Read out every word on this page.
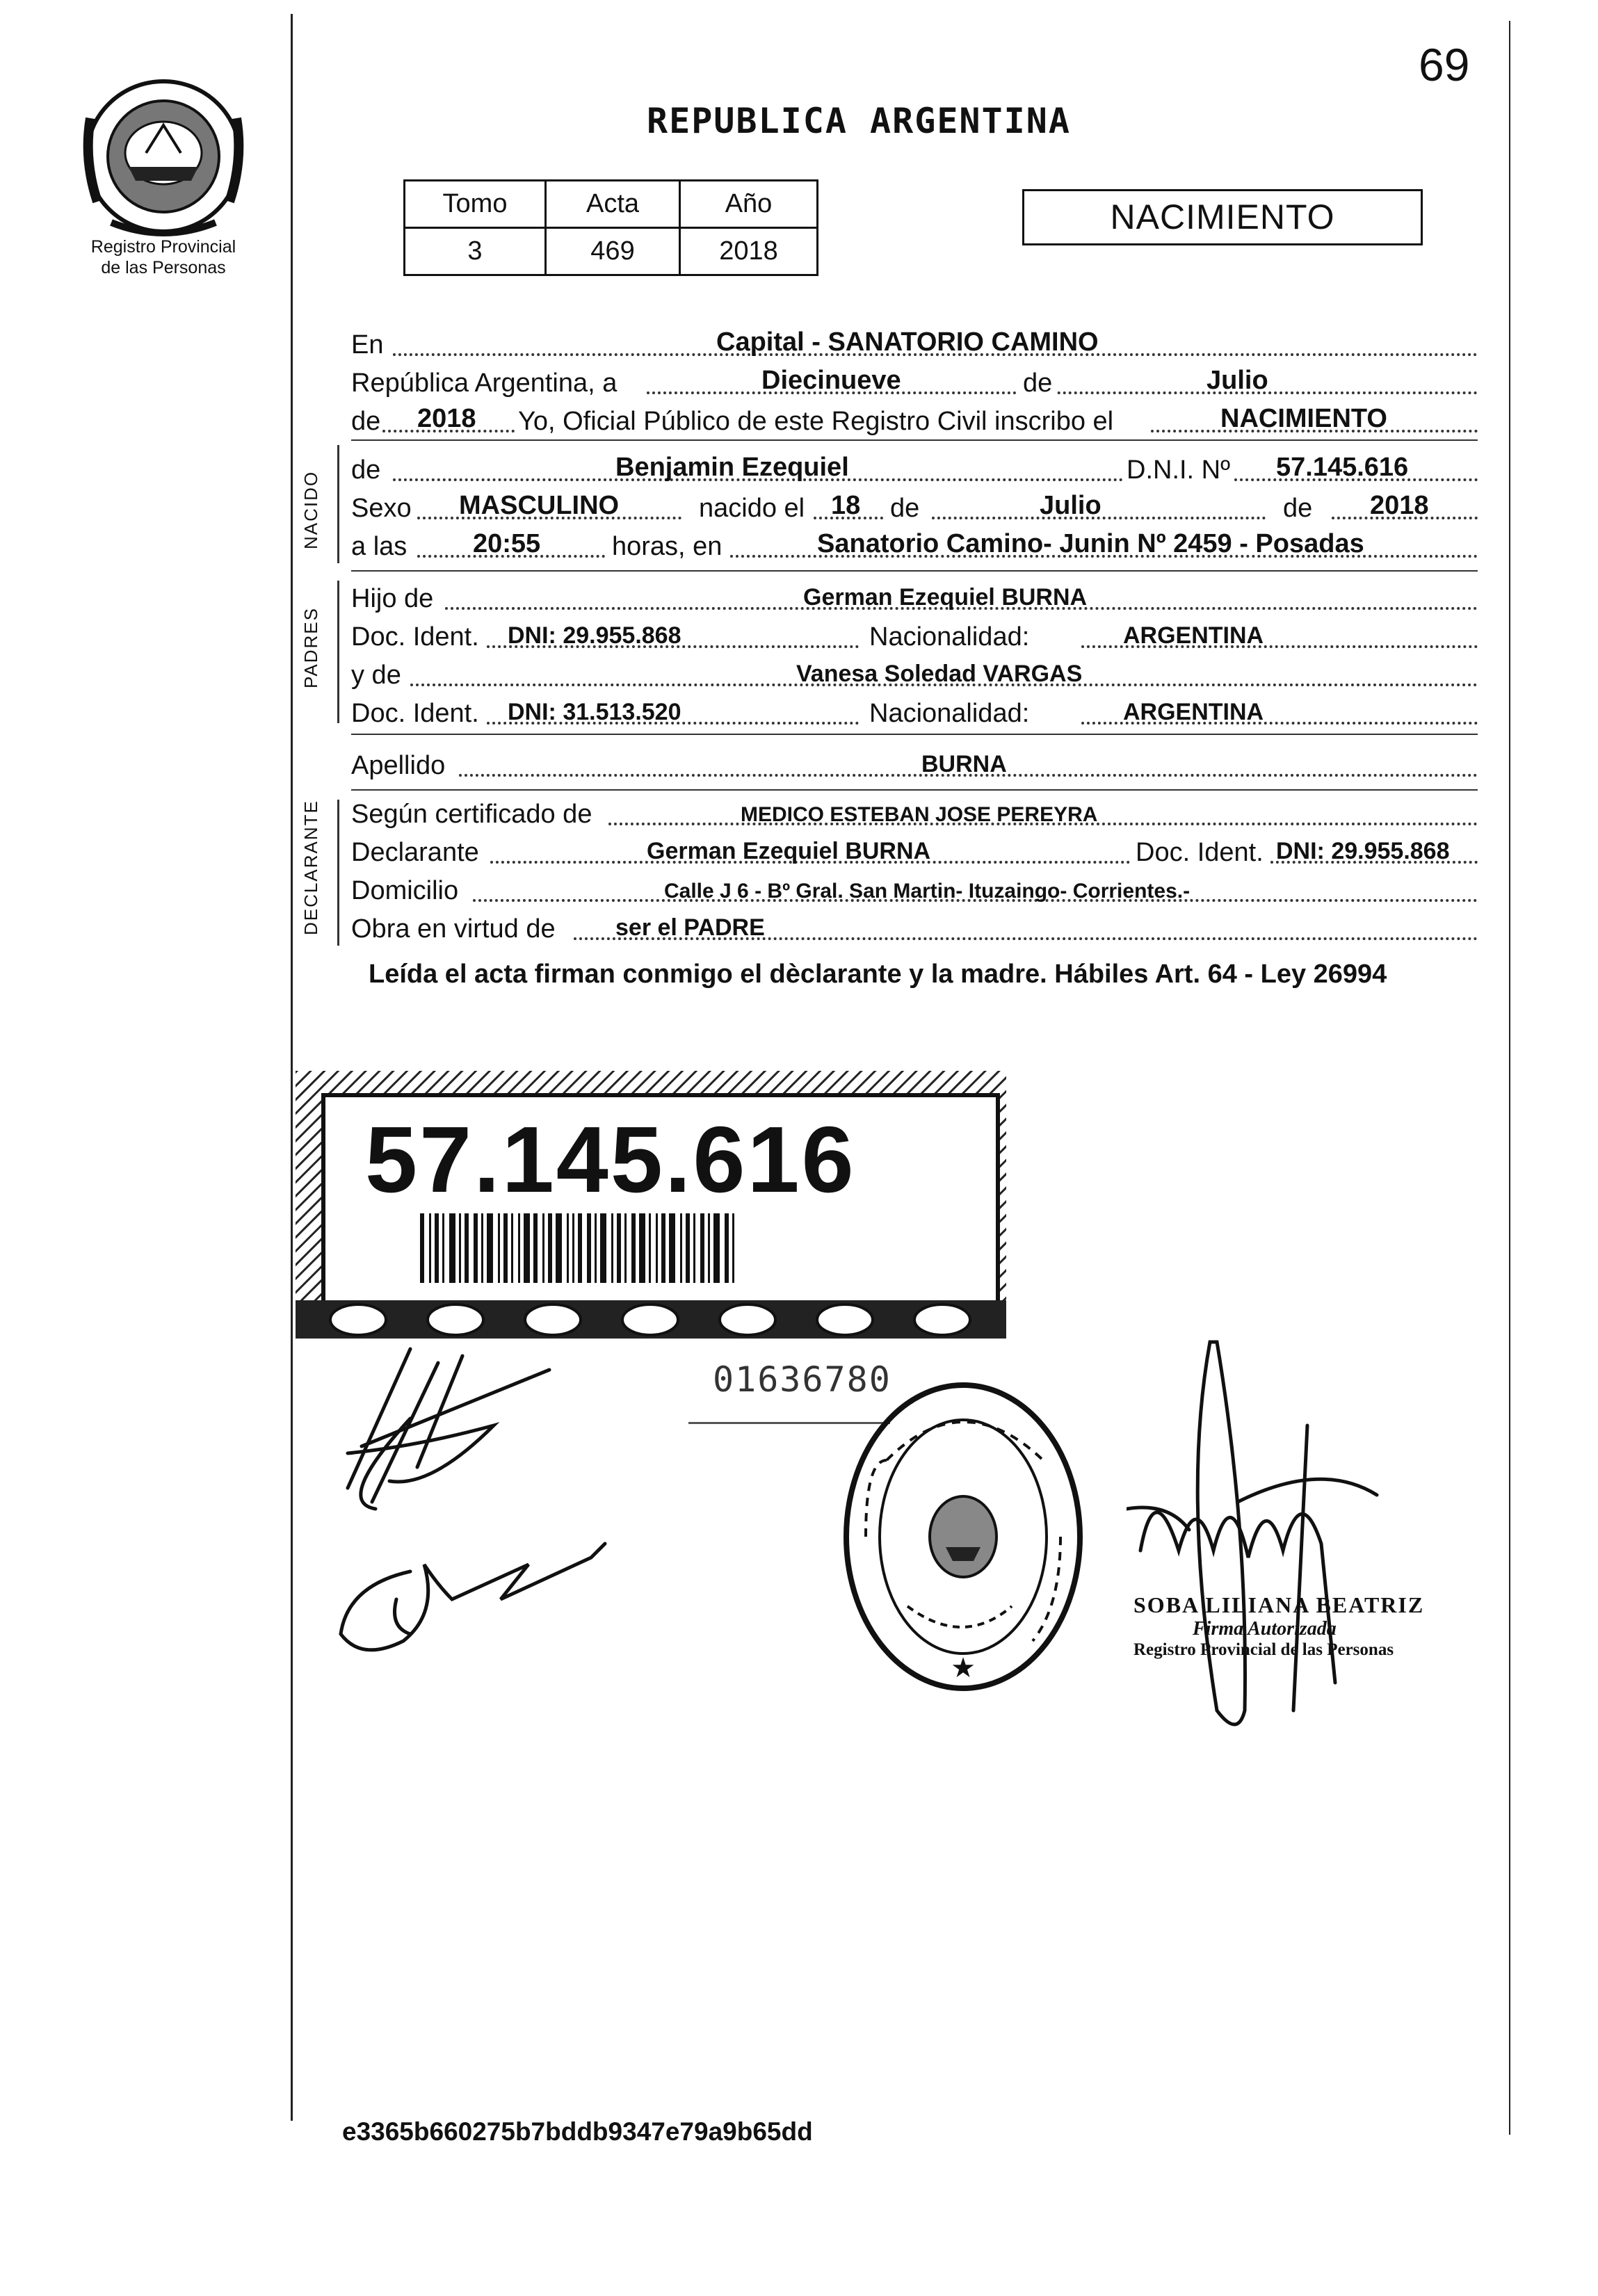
Registro Provincial
de las Personas
REPUBLICA ARGENTINA
69
Tomo	Acta	Año
3	469	2018
NACIMIENTO
En	Capital - SANATORIO CAMINO
República Argentina, a	Diecinueve	de	Julio
de 2018 Yo, Oficial Público de este Registro Civil inscribo el	NACIMIENTO
NACIDO
de	Benjamin Ezequiel	D.N.I. Nº 57.145.616
Sexo MASCULINO	nacido el 18 de	Julio	de 2018
a las 20:55	horas, en	Sanatorio Camino- Junin Nº 2459 - Posadas
PADRES
Hijo de	German Ezequiel BURNA
Doc. Ident. DNI: 29.955.868	Nacionalidad:	ARGENTINA
y de	Vanesa Soledad VARGAS
Doc. Ident. DNI: 31.513.520	Nacionalidad:	ARGENTINA
Apellido	BURNA
DECLARANTE Según certificado de	MEDICO ESTEBAN JOSE PEREYRA
Declarante	German Ezequiel BURNA	Doc. Ident. DNI: 29.955.868
Domicilio	Calle J 6 - Bº Gral. San Martin- Ituzaingo- Corrientes.-
Obra en virtud de	ser el PADRE
Leída el acta firman conmigo el dèclarante y la madre. Hábiles Art. 64 - Ley 26994
57.145.616
01636780
★
SOBA LILIANA BEATRIZ
Firma Autorizada
Registro Provincial de las Personas
e3365b660275b7bddb9347e79a9b65dd
